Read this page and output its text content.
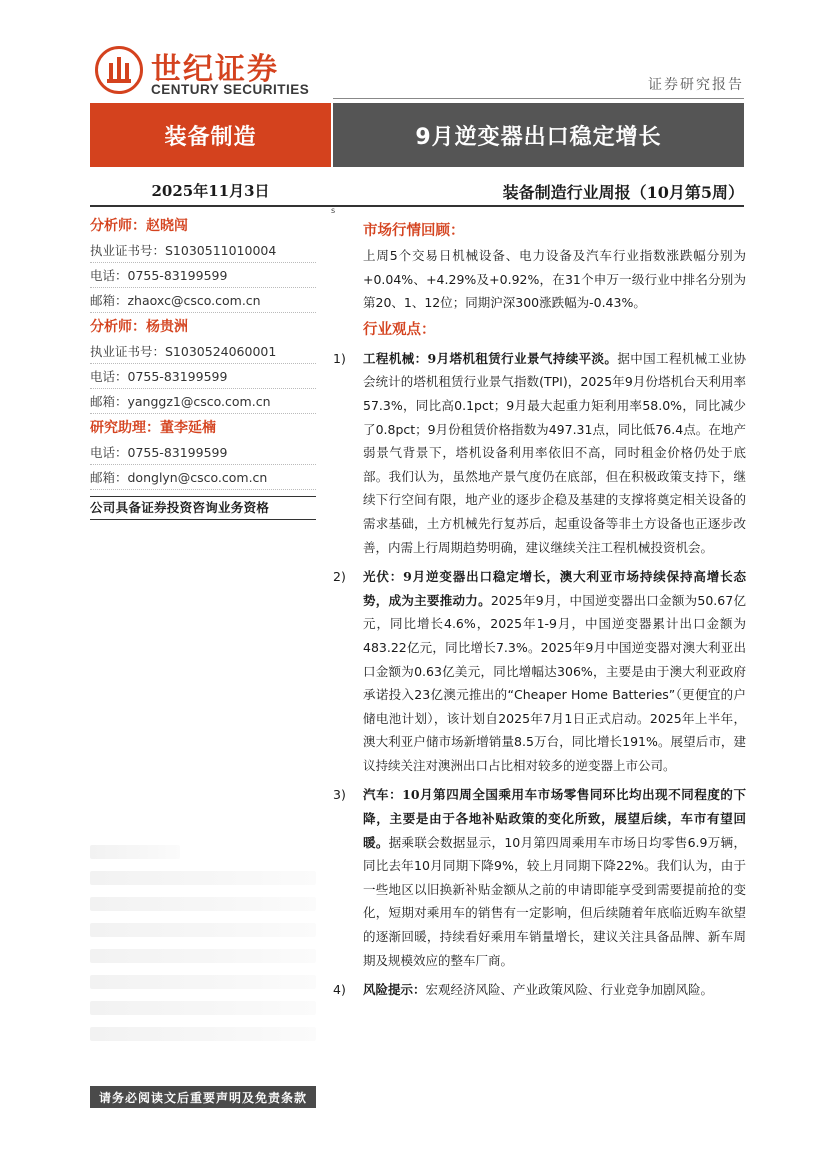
世纪证券
CENTURY SECURITIES	证券研究报告
装备制造	9月逆变器出口稳定增长
2025年11月3日	装备制造行业周报（10月第5周）
s
分析师：赵晓闯
执业证书号：S1030511010004
电话：0755-83199599
邮箱：zhaoxc@csco.com.cn
分析师：杨贵洲
执业证书号：S1030524060001
电话：0755-83199599
邮箱：yanggz1@csco.com.cn
研究助理：董李延楠
电话：0755-83199599
邮箱：donglyn@csco.com.cn
公司具备证券投资咨询业务资格
请务必阅读文后重要声明及免责条款
市场行情回顾：
上周5个交易日机械设备、电力设备及汽车行业指数涨跌幅分别为+0.04%、+4.29%及+0.92%，在31个申万一级行业中排名分别为第20、1、12位；同期沪深300涨跌幅为-0.43%。
行业观点：
1) 工程机械：9月塔机租赁行业景气持续平淡。据中国工程机械工业协会统计的塔机租赁行业景气指数(TPI)，2025年9月份塔机台天利用率57.3%，同比高0.1pct；9月最大起重力矩利用率58.0%，同比减少了0.8pct；9月份租赁价格指数为497.31点，同比低76.4点。在地产弱景气背景下，塔机设备利用率依旧不高，同时租金价格仍处于底部。我们认为，虽然地产景气度仍在底部，但在积极政策支持下，继续下行空间有限，地产业的逐步企稳及基建的支撑将奠定相关设备的需求基础，土方机械先行复苏后，起重设备等非土方设备也正逐步改善，内需上行周期趋势明确，建议继续关注工程机械投资机会。
2) 光伏：9月逆变器出口稳定增长，澳大利亚市场持续保持高增长态势，成为主要推动力。2025年9月，中国逆变器出口金额为50.67亿元，同比增长4.6%，2025年1-9月，中国逆变器累计出口金额为483.22亿元，同比增长7.3%。2025年9月中国逆变器对澳大利亚出口金额为0.63亿美元，同比增幅达306%，主要是由于澳大利亚政府承诺投入23亿澳元推出的“Cheaper Home Batteries”（更便宜的户储电池计划），该计划自2025年7月1日正式启动。2025年上半年，澳大利亚户储市场新增销量8.5万台，同比增长191%。展望后市，建议持续关注对澳洲出口占比相对较多的逆变器上市公司。
3) 汽车：10月第四周全国乘用车市场零售同环比均出现不同程度的下降，主要是由于各地补贴政策的变化所致，展望后续，车市有望回暖。据乘联会数据显示，10月第四周乘用车市场日均零售6.9万辆，同比去年10月同期下降9%，较上月同期下降22%。我们认为，由于一些地区以旧换新补贴金额从之前的申请即能享受到需要提前抢的变化，短期对乘用车的销售有一定影响，但后续随着年底临近购车欲望的逐渐回暖，持续看好乘用车销量增长，建议关注具备品牌、新车周期及规模效应的整车厂商。
4) 风险提示：宏观经济风险、产业政策风险、行业竞争加剧风险。
